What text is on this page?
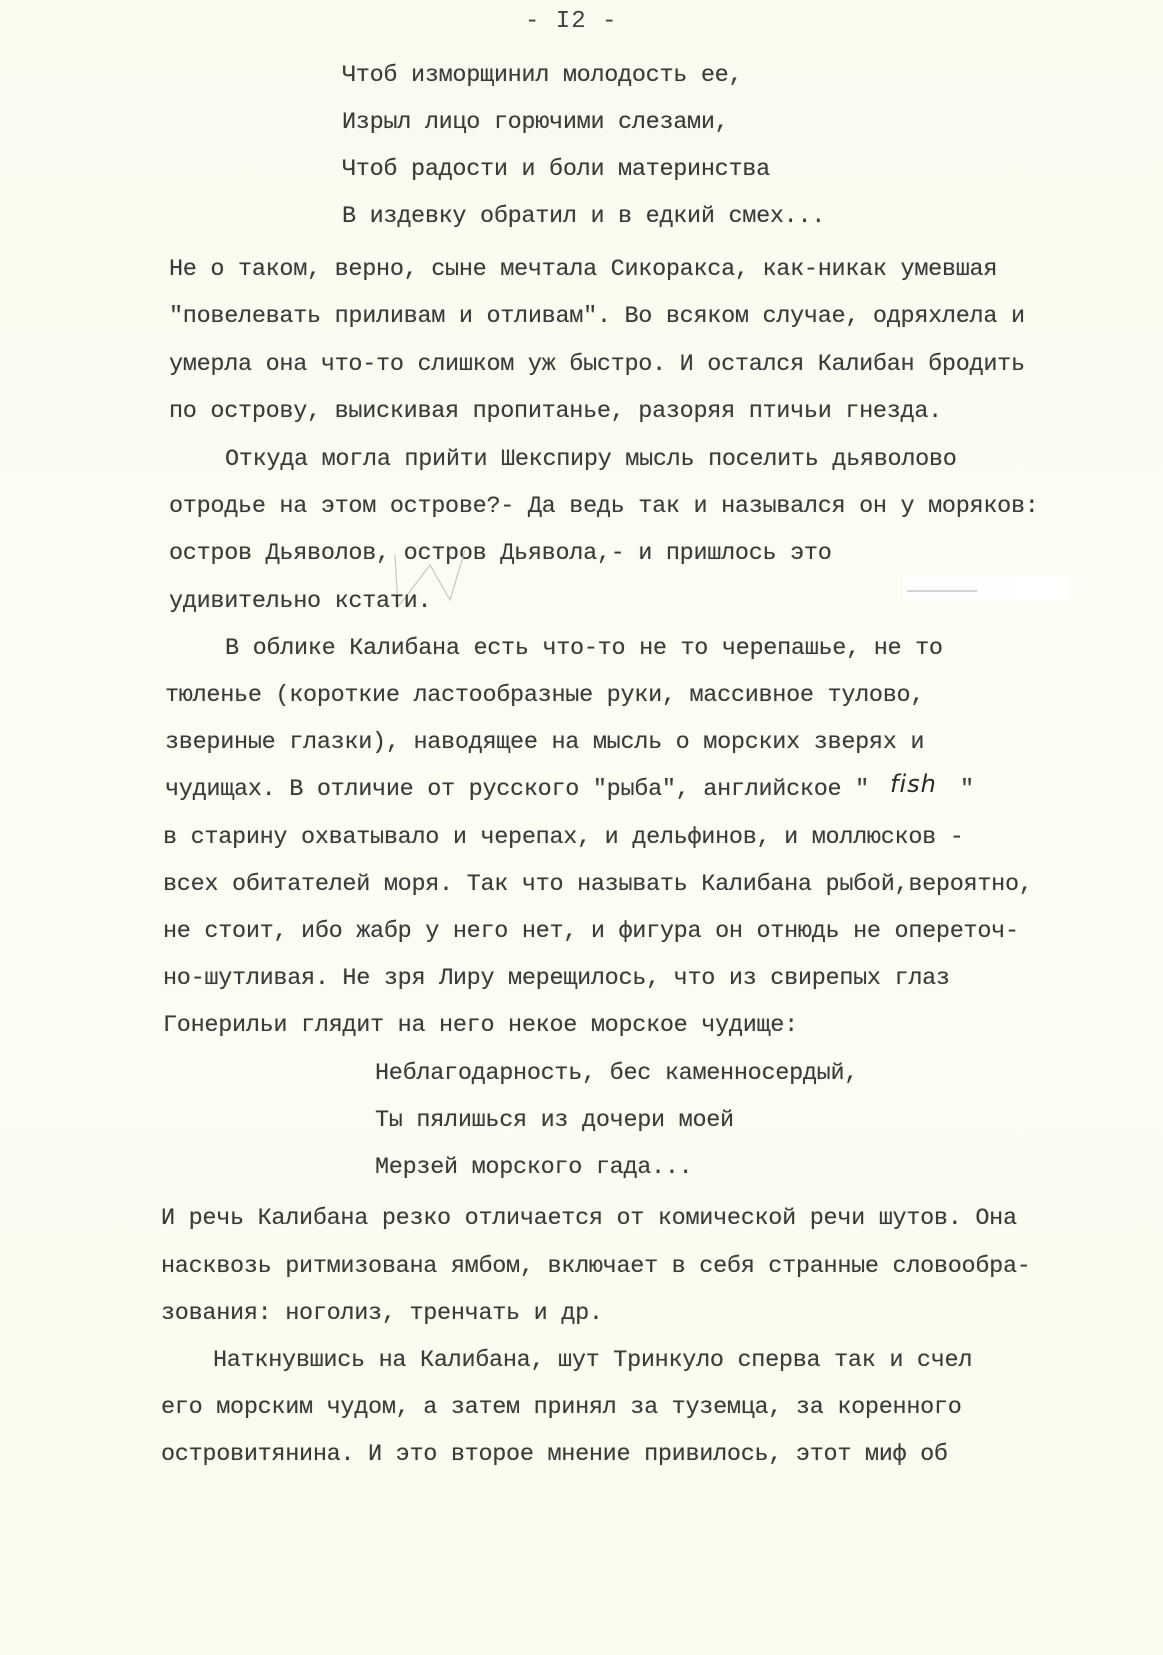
- I2 -
Чтоб изморщинил молодость ее,
Изрыл лицо горючими слезами,
Чтоб радости и боли материнства
В издевку обратил и в едкий смех...
Не о таком, верно, сыне мечтала Сикоракса, как-никак умевшая
"повелевать приливам и отливам". Во всяком случае, одряхлела и
умерла она что-то слишком уж быстро. И остался Калибан бродить
по острову, выискивая пропитанье, разоряя птичьи гнезда.
Откуда могла прийти Шекспиру мысль поселить дьяволово
отродье на этом острове?- Да ведь так и назывался он у моряков:
остров Дьяволов, остров Дьявола,- и пришлось это
удивительно кстати.
В облике Калибана есть что-то не то черепашье, не то
тюленье (короткие ластообразные руки, массивное тулово,
звериные глазки), наводящее на мысль о морских зверях и
чудищах. В отличие от русского "рыба", английское " fish "
в старину охватывало и черепах, и дельфинов, и моллюсков -
всех обитателей моря. Так что называть Калибана рыбой,вероятно,
не стоит, ибо жабр у него нет, и фигура он отнюдь не опереточ-
но-шутливая. Не зря Лиру мерещилось, что из свирепых глаз
Гонерильи глядит на него некое морское чудище:
Неблагодарность, бес каменносердый,
Ты пялишься из дочери моей
Мерзей морского гада...
И речь Калибана резко отличается от комической речи шутов. Она
насквозь ритмизована ямбом, включает в себя странные словообра-
зования: ноголиз, тренчать и др.
Наткнувшись на Калибана, шут Тринкуло сперва так и счел
его морским чудом, а затем принял за туземца, за коренного
островитянина. И это второе мнение привилось, этот миф об
